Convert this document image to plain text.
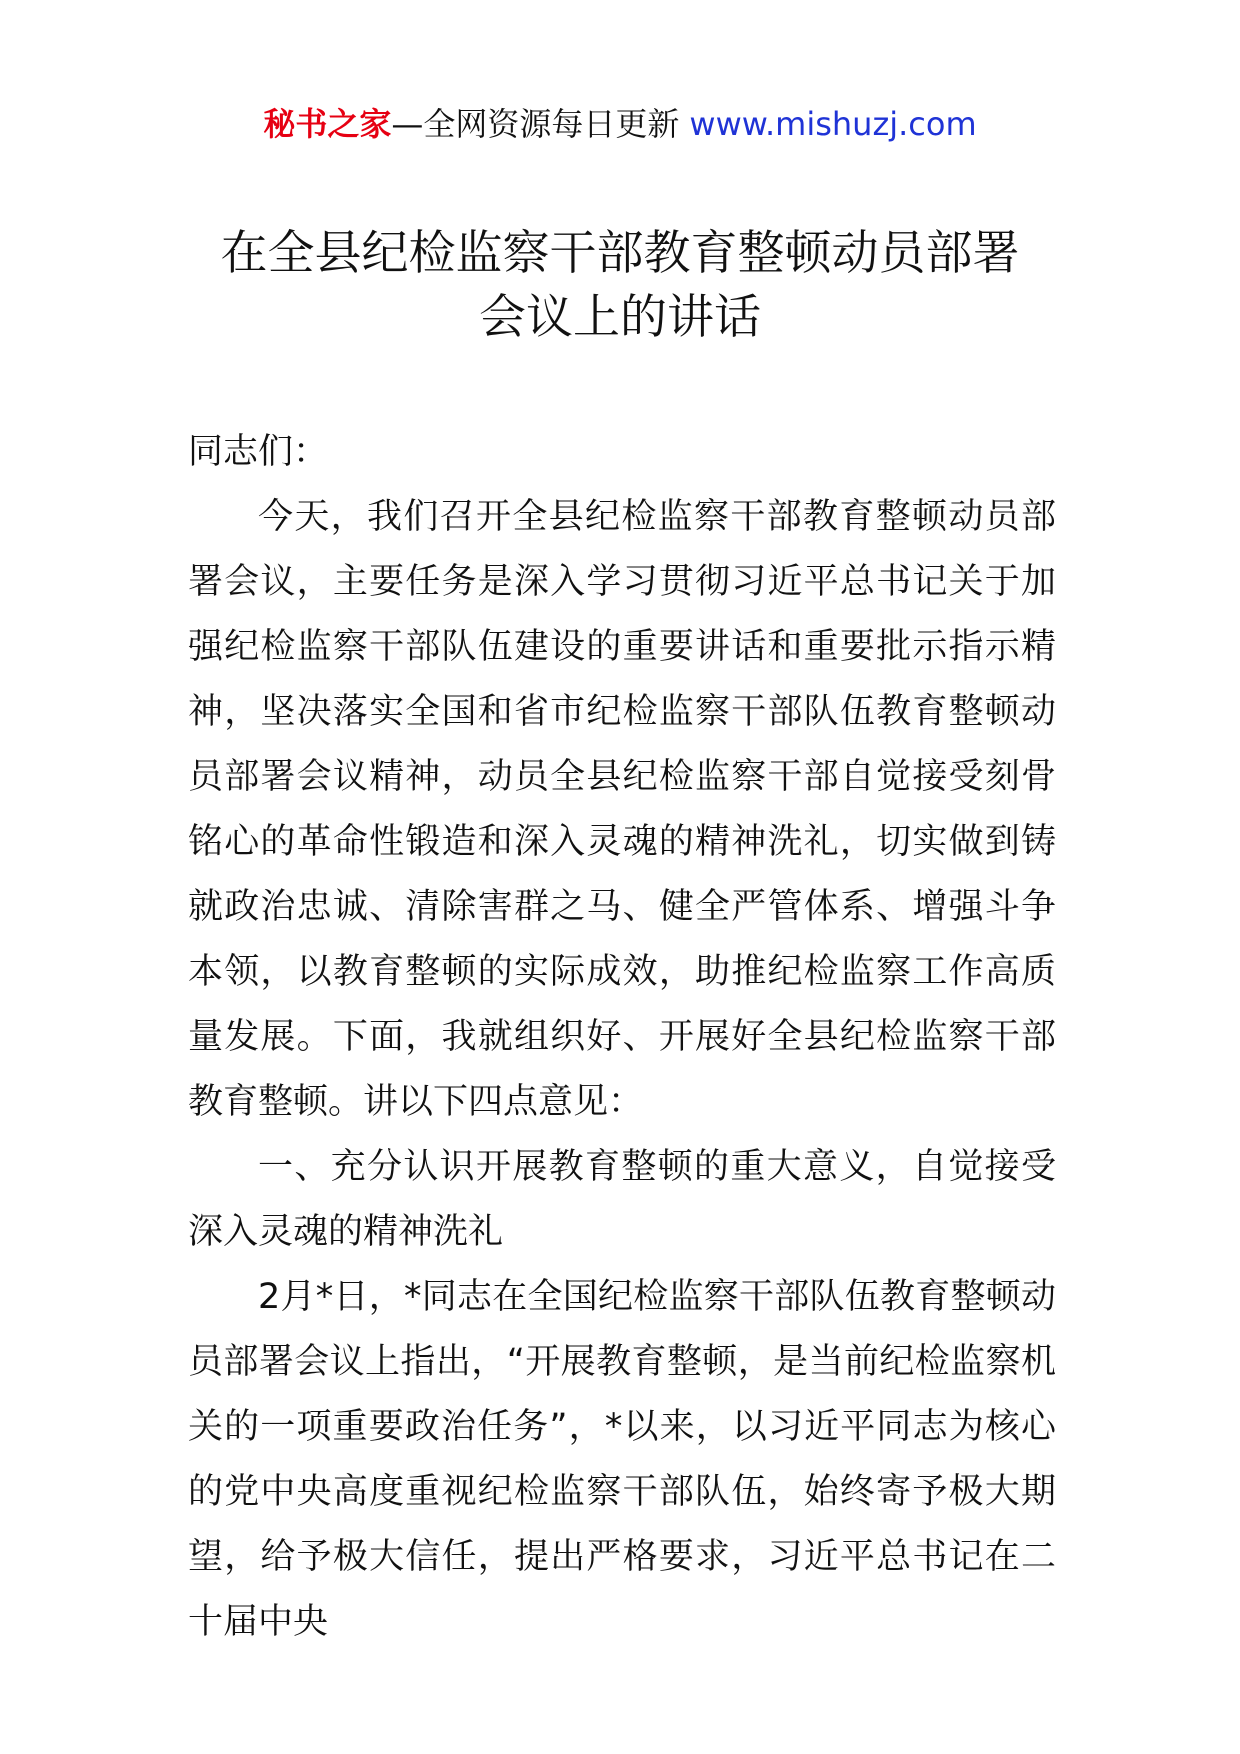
秘书之家—全网资源每日更新 www.mishuzj.com
在全县纪检监察干部教育整顿动员部署
会议上的讲话

同志们：

今天，我们召开全县纪检监察干部教育整顿动员部署会议，主要任务是深入学习贯彻习近平总书记关于加强纪检监察干部队伍建设的重要讲话和重要批示指示精神，坚决落实全国和省市纪检监察干部队伍教育整顿动员部署会议精神，动员全县纪检监察干部自觉接受刻骨铭心的革命性锻造和深入灵魂的精神洗礼，切实做到铸就政治忠诚、清除害群之马、健全严管体系、增强斗争本领，以教育整顿的实际成效，助推纪检监察工作高质量发展。下面，我就组织好、开展好全县纪检监察干部教育整顿。讲以下四点意见：

一、充分认识开展教育整顿的重大意义，自觉接受深入灵魂的精神洗礼

2月*日，*同志在全国纪检监察干部队伍教育整顿动员部署会议上指出，“开展教育整顿，是当前纪检监察机关的一项重要政治任务”，*以来，以习近平同志为核心的党中央高度重视纪检监察干部队伍，始终寄予极大期望，给予极大信任，提出严格要求，习近平总书记在二十届中央
